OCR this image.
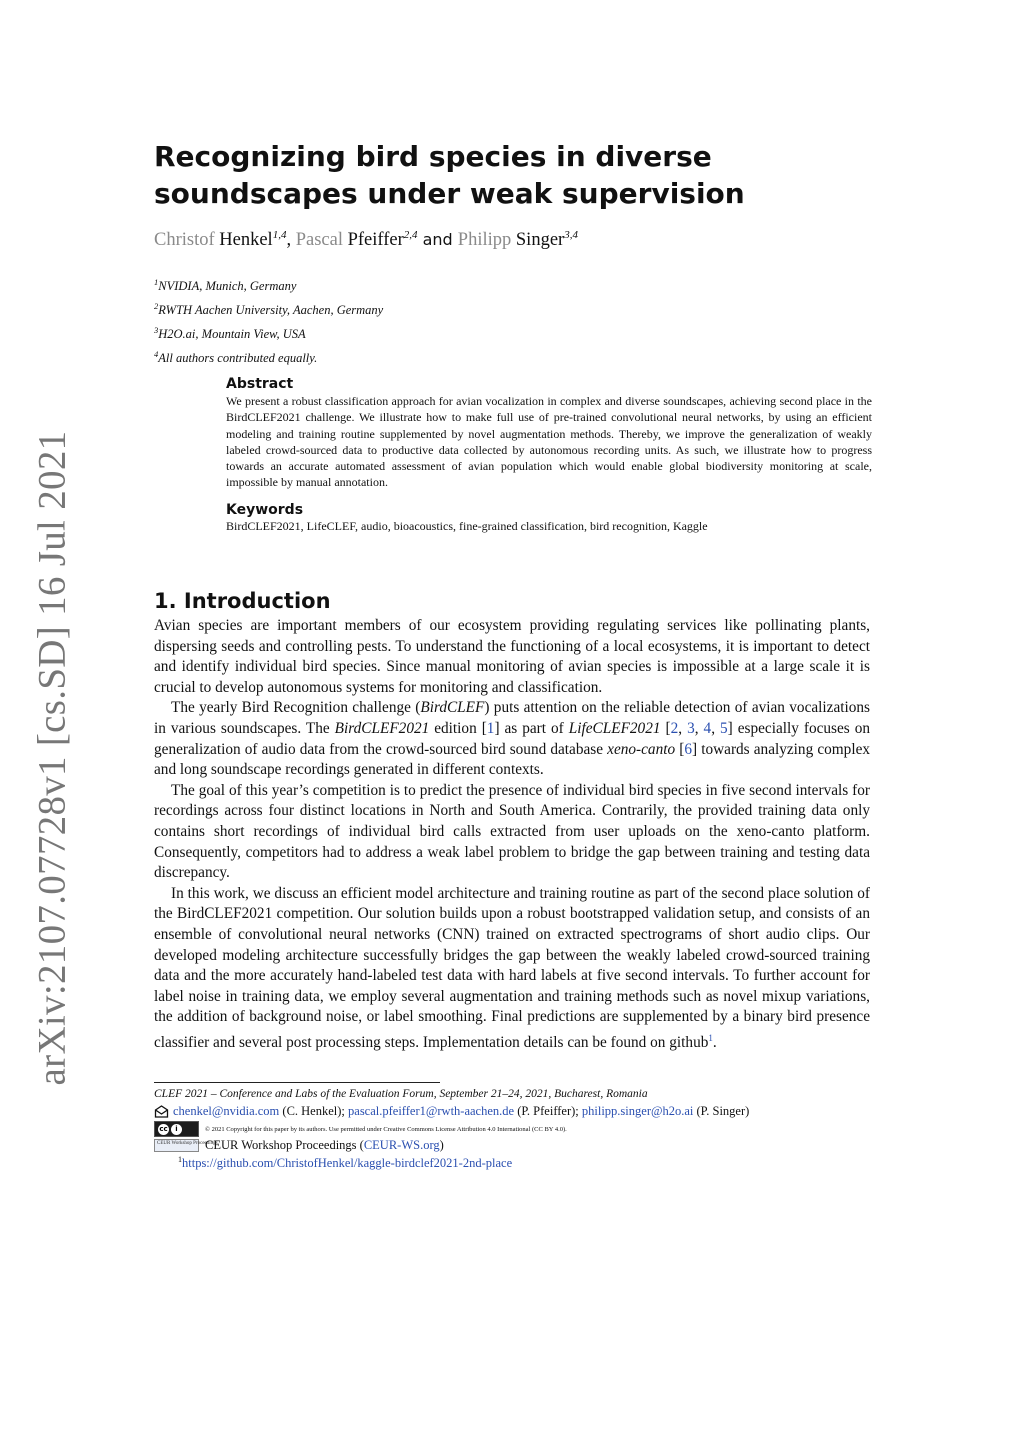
arXiv:2107.07728v1 [cs.SD] 16 Jul 2021
Recognizing bird species in diverse soundscapes under weak supervision
Christof Henkel$^{1,4}$, Pascal Pfeiffer$^{2,4}$ and Philipp Singer$^{3,4}$
$^1$NVIDIA, Munich, Germany
$^2$RWTH Aachen University, Aachen, Germany
$^3$H2O.ai, Mountain View, USA
$^4$All authors contributed equally.
Abstract

We present a robust classification approach for avian vocalization in complex and diverse soundscapes, achieving second place in the BirdCLEF2021 challenge. We illustrate how to make full use of pre-trained convolutional neural networks, by using an efficient modeling and training routine supplemented by novel augmentation methods. Thereby, we improve the generalization of weakly labeled crowd-sourced data to productive data collected by autonomous recording units. As such, we illustrate how to progress towards an accurate automated assessment of avian population which would enable global biodiversity monitoring at scale, impossible by manual annotation.

Keywords
BirdCLEF2021, LifeCLEF, audio, bioacoustics, fine-grained classification, bird recognition, Kaggle
1. Introduction

Avian species are important members of our ecosystem providing regulating services like pollinating plants, dispersing seeds and controlling pests. To understand the functioning of a local ecosystems, it is important to detect and identify individual bird species. Since manual monitoring of avian species is impossible at a large scale it is crucial to develop autonomous systems for monitoring and classification.

The yearly Bird Recognition challenge (BirdCLEF) puts attention on the reliable detection of avian vocalizations in various soundscapes. The BirdCLEF2021 edition [1] as part of LifeCLEF2021 [2, 3, 4, 5] especially focuses on generalization of audio data from the crowd-sourced bird sound database xeno-canto [6] towards analyzing complex and long soundscape recordings generated in different contexts.

The goal of this year’s competition is to predict the presence of individual bird species in five second intervals for recordings across four distinct locations in North and South America. Contrarily, the provided training data only contains short recordings of individual bird calls extracted from user uploads on the xeno-canto platform. Consequently, competitors had to address a weak label problem to bridge the gap between training and testing data discrepancy.

In this work, we discuss an efficient model architecture and training routine as part of the second place solution of the BirdCLEF2021 competition. Our solution builds upon a robust bootstrapped validation setup, and consists of an ensemble of convolutional neural networks (CNN) trained on extracted spectrograms of short audio clips. Our developed modeling architecture successfully bridges the gap between the weakly labeled crowd-sourced training data and the more accurately hand-labeled test data with hard labels at five second intervals. To further account for label noise in training data, we employ several augmentation and training methods such as novel mixup variations, the addition of background noise, or label smoothing. Final predictions are supplemented by a binary bird presence classifier and several post processing steps. Implementation details can be found on github$^1$.

CLEF 2021 – Conference and Labs of the Evaluation Forum, September 21–24, 2021, Bucharest, Romania
chenkel@nvidia.com (C. Henkel); pascal.pfeiffer1@rwth-aachen.de (P. Pfeiffer); philipp.singer@h2o.ai (P. Singer)
cc	i	© 2021 Copyright for this paper by its authors. Use permitted under Creative Commons License Attribution 4.0 International (CC BY 4.0).
CEUR Workshop Proceedings
CEUR Workshop Proceedings (CEUR-WS.org)
$^1$https://github.com/ChristofHenkel/kaggle-birdclef2021-2nd-place
